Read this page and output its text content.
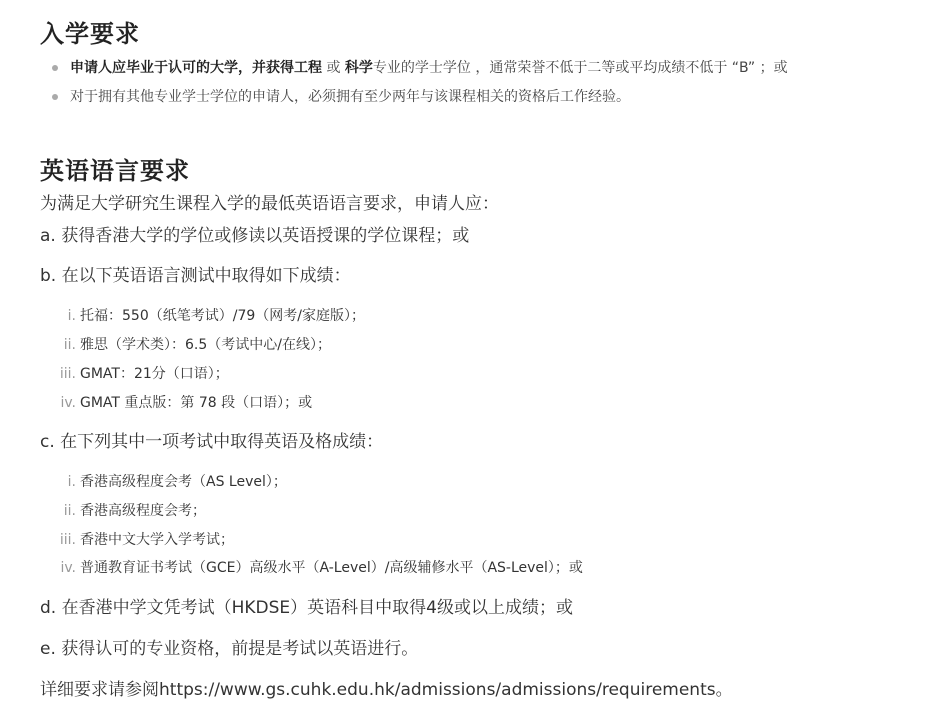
入学要求
申请人应毕业于认可的大学，并获得工程 或 科学专业的学士学位 ，通常荣誉不低于二等或平均成绩不低于 “B” ；或
对于拥有其他专业学士学位的申请人，必须拥有至少两年与该课程相关的资格后工作经验。
英语语言要求
为满足大学研究生课程入学的最低英语语言要求，申请人应：
a. 获得香港大学的学位或修读以英语授课的学位课程；或
b. 在以下英语语言测试中取得如下成绩：
i. 托福：550（纸笔考试）/79（网考/家庭版）；
ii. 雅思（学术类）：6.5（考试中心/在线）；
iii. GMAT：21分（口语）；
iv. GMAT 重点版：第 78 段（口语）；或
c. 在下列其中一项考试中取得英语及格成绩：
i. 香港高级程度会考（AS Level）；
ii. 香港高级程度会考；
iii. 香港中文大学入学考试；
iv. 普通教育证书考试（GCE）高级水平（A-Level）/高级辅修水平（AS-Level）；或
d. 在香港中学文凭考试（HKDSE）英语科目中取得4级或以上成绩；或
e. 获得认可的专业资格，前提是考试以英语进行。
详细要求请参阅https://www.gs.cuhk.edu.hk/admissions/admissions/requirements。
